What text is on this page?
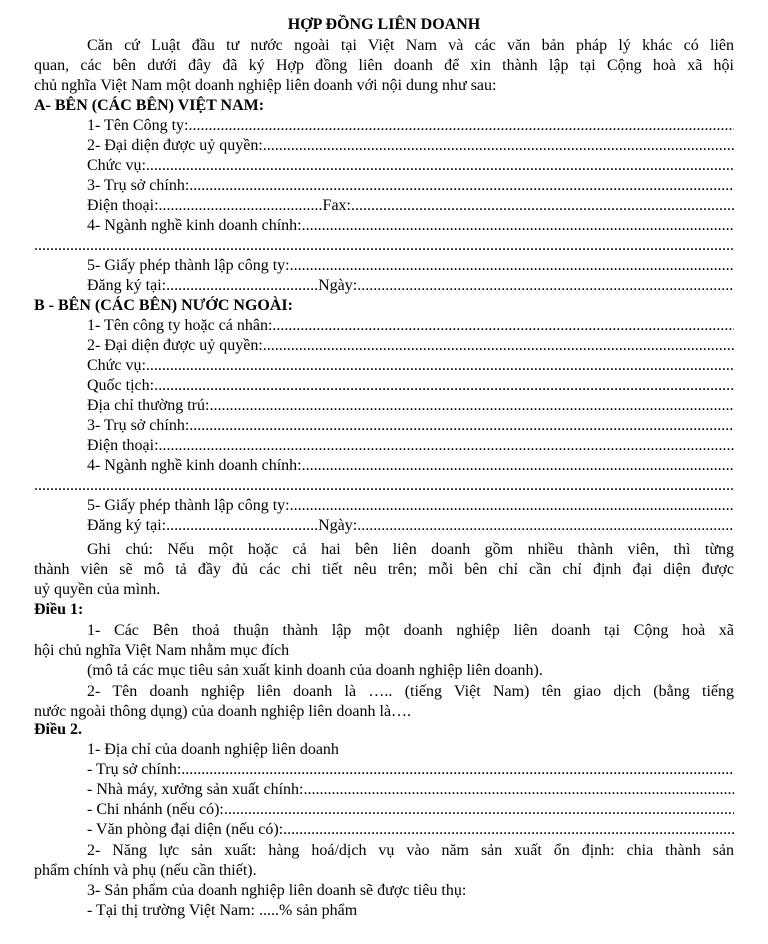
HỢP ĐỒNG LIÊN DOANH
Căn cứ Luật đầu tư nước ngoài tại Việt Nam và các văn bản pháp lý khác có liên
quan, các bên dưới đây đã ký Hợp đồng liên doanh để xin thành lập tại Cộng hoà xã hội
chủ nghĩa Việt Nam một doanh nghiệp liên doanh với nội dung như sau:
A- BÊN (CÁC BÊN) VIỆT NAM:
1- Tên Công ty:
.....
2- Đại diện được uỷ quyền:
.....
Chức vụ:
.....
3- Trụ sở chính:
.....
Điện thoại: ......................................... Fax:
.....
4- Ngành nghề kinh doanh chính:
.....
.....
5- Giấy phép thành lập công ty:
.....
Đăng ký tại: ...................................... Ngày:
.....
B - BÊN (CÁC BÊN) NƯỚC NGOÀI:
1- Tên công ty hoặc cá nhân:
.....
2- Đại diện được uỷ quyền:
.....
Chức vụ:
.....
Quốc tịch:
.....
Địa chỉ thường trú:
.....
3- Trụ sở chính:
.....
Điện thoại:
.....
4- Ngành nghề kinh doanh chính:
.....
.....
5- Giấy phép thành lập công ty:
.....
Đăng ký tại: ...................................... Ngày:
.....
Ghi chú: Nếu một hoặc cả hai bên liên doanh gồm nhiều thành viên, thì từng
thành viên sẽ mô tả đầy đủ các chi tiết nêu trên; mỗi bên chỉ cần chỉ định đại diện được
uỷ quyền của mình.
Điều 1:
1- Các Bên thoả thuận thành lập một doanh nghiệp liên doanh tại Cộng hoà xã
hội chủ nghĩa Việt Nam nhằm mục đích
(mô tả các mục tiêu sản xuất kinh doanh của doanh nghiệp liên doanh).
2- Tên doanh nghiệp liên doanh là ….. (tiếng Việt Nam) tên giao dịch (bằng tiếng
nước ngoài thông dụng) của doanh nghiệp liên doanh là….
Điều 2.
1- Địa chỉ của doanh nghiệp liên doanh
- Trụ sở chính:
.....
- Nhà máy, xưởng sản xuất chính:
.....
- Chi nhánh (nếu có):
.....
- Văn phòng đại diện (nếu có):
.....
2- Năng lực sản xuất: hàng hoá/dịch vụ vào năm sản xuất ổn định: chia thành sản
phẩm chính và phụ (nếu cần thiết).
3- Sản phẩm của doanh nghiệp liên doanh sẽ được tiêu thụ:
- Tại thị trường Việt Nam: .....% sản phẩm
